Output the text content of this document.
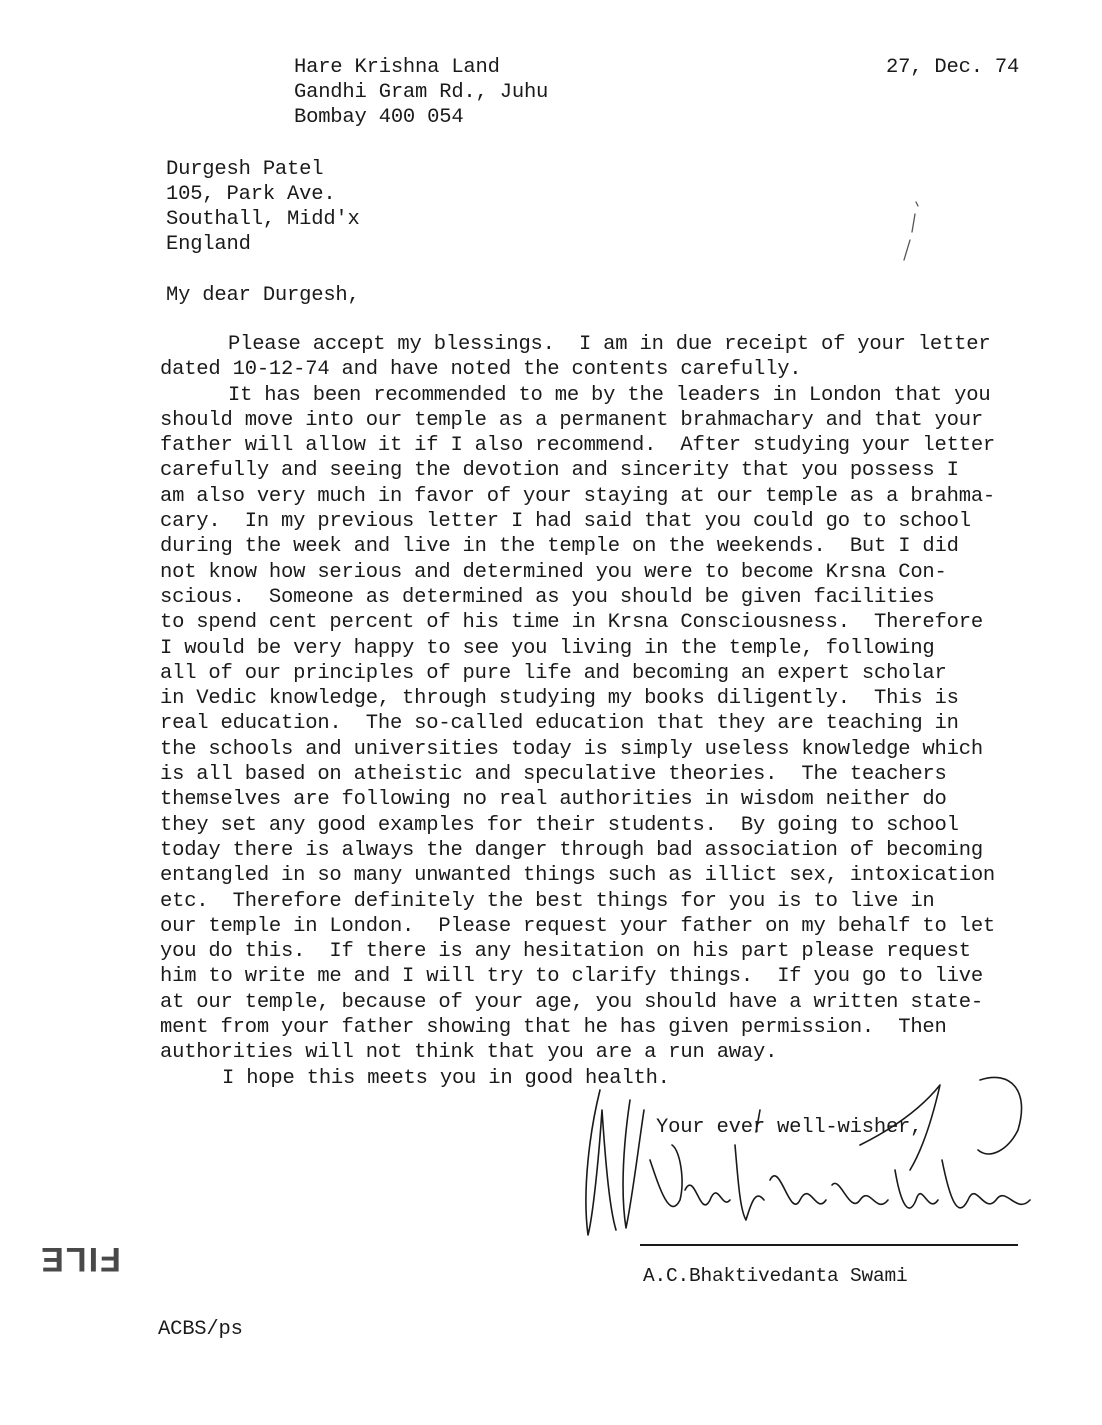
Hare Krishna Land
Gandhi Gram Rd., Juhu
Bombay 400 054
27, Dec. 74
Durgesh Patel
105, Park Ave.
Southall, Midd'x
England
My dear Durgesh,
Please accept my blessings.  I am in due receipt of your letter
dated 10-12-74 and have noted the contents carefully.
It has been recommended to me by the leaders in London that you
should move into our temple as a permanent brahmachary and that your
father will allow it if I also recommend.  After studying your letter
carefully and seeing the devotion and sincerity that you possess I
am also very much in favor of your staying at our temple as a brahma-
cary.  In my previous letter I had said that you could go to school
during the week and live in the temple on the weekends.  But I did
not know how serious and determined you were to become Krsna Con-
scious.  Someone as determined as you should be given facilities
to spend cent percent of his time in Krsna Consciousness.  Therefore
I would be very happy to see you living in the temple, following
all of our principles of pure life and becoming an expert scholar
in Vedic knowledge, through studying my books diligently.  This is
real education.  The so-called education that they are teaching in
the schools and universities today is simply useless knowledge which
is all based on atheistic and speculative theories.  The teachers
themselves are following no real authorities in wisdom neither do
they set any good examples for their students.  By going to school
today there is always the danger through bad association of becoming
entangled in so many unwanted things such as illict sex, intoxication
etc.  Therefore definitely the best things for you is to live in
our temple in London.  Please request your father on my behalf to let
you do this.  If there is any hesitation on his part please request
him to write me and I will try to clarify things.  If you go to live
at our temple, because of your age, you should have a written state-
ment from your father showing that he has given permission.  Then
authorities will not think that you are a run away.
I hope this meets you in good health.
Your ever well-wisher,
A.C.Bhaktivedanta Swami
FILE
ACBS/ps
